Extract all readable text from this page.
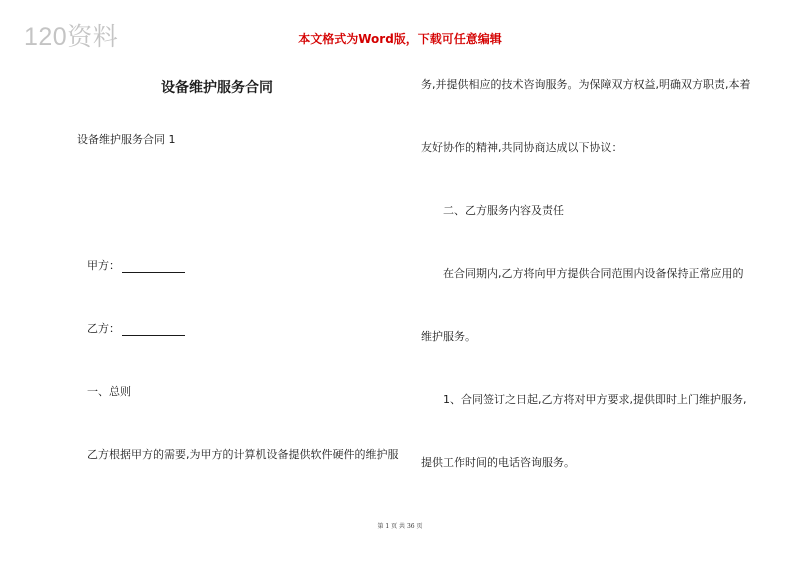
120资料	本文格式为Word版，下载可任意编辑
设备维护服务合同
设备维护服务合同 1
甲方：
乙方：
一、总则
乙方根据甲方的需要,为甲方的计算机设备提供软件硬件的维护服
务,并提供相应的技术咨询服务。为保障双方权益,明确双方职责,本着
友好协作的精神,共同协商达成以下协议：
二、乙方服务内容及责任
在合同期内,乙方将向甲方提供合同范围内设备保持正常应用的
维护服务。
1、合同签订之日起,乙方将对甲方要求,提供即时上门维护服务,
提供工作时间的电话咨询服务。
第 1 页 共 36 页
